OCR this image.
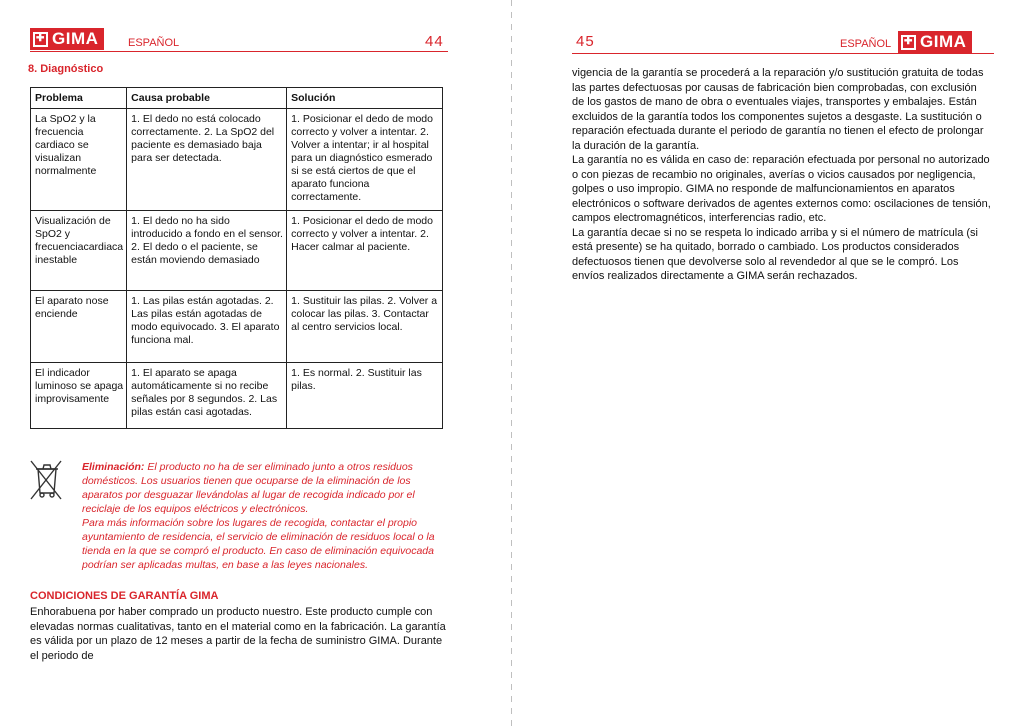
✚ GIMA	ESPAÑOL	44
8. Diagnóstico
Problema	Causa probable	Solución
La SpO2 y la frecuencia cardiaco se visualizan normalmente	1. El dedo no está colocado correctamente. 2. La SpO2 del paciente es demasiado baja para ser detectada.	1. Posicionar el dedo de modo correcto y volver a intentar. 2. Volver a intentar; ir al hospital para un diagnóstico esmerado si se está ciertos de que el aparato funciona correctamente.
Visualización de SpO2 y frecuenciacardiaca inestable	1. El dedo no ha sido introducido a fondo en el sensor. 2. El dedo o el paciente, se están moviendo demasiado	1. Posicionar el dedo de modo correcto y volver a intentar. 2. Hacer calmar al paciente.
El aparato nose enciende	1. Las pilas están agotadas. 2. Las pilas están agotadas de modo equivocado. 3. El aparato funciona mal.	1. Sustituir las pilas. 2. Volver a colocar las pilas. 3. Contactar al centro servicios local.
El indicador luminoso se apaga improvisamente	1. El aparato se apaga automáticamente si no recibe señales por 8 segundos. 2. Las pilas están casi agotadas.	1. Es normal. 2. Sustituir las pilas.
Eliminación: El producto no ha de ser eliminado junto a otros residuos domésticos. Los usuarios tienen que ocuparse de la eliminación de los aparatos por desguazar llevándolas al lugar de recogida indicado por el reciclaje de los equipos eléctricos y electrónicos.
Para más información sobre los lugares de recogida, contactar el propio ayuntamiento de residencia, el servicio de eliminación de residuos local o la tienda en la que se compró el producto. En caso de eliminación equivocada podrían ser aplicadas multas, en base a las leyes nacionales.
CONDICIONES DE GARANTÍA GIMA
Enhorabuena por haber comprado un producto nuestro. Este producto cumple con elevadas normas cualitativas, tanto en el material como en la fabricación. La garantía es válida por un plazo de 12 meses a partir de la fecha de suministro GIMA. Durante el periodo de
45	ESPAÑOL	✚ GIMA
vigencia de la garantía se procederá a la reparación y/o sustitución gratuita de todas las partes defectuosas por causas de fabricación bien comprobadas, con exclusión de los gastos de mano de obra o eventuales viajes, transportes y embalajes. Están excluidos de la garantía todos los componentes sujetos a desgaste. La sustitución o reparación efectuada durante el periodo de garantía no tienen el efecto de prolongar la duración de la garantía.
La garantía no es válida en caso de: reparación efectuada por personal no autorizado o con piezas de recambio no originales, averías o vicios causados por negligencia, golpes o uso impropio. GIMA no responde de malfuncionamientos en aparatos electrónicos o software derivados de agentes externos como: oscilaciones de tensión, campos electromagnéticos, interferencias radio, etc.
La garantía decae si no se respeta lo indicado arriba y si el número de matrícula (si está presente) se ha quitado, borrado o cambiado. Los productos considerados defectuosos tienen que devolverse solo al revendedor al que se le compró. Los envíos realizados directamente a GIMA serán rechazados.
